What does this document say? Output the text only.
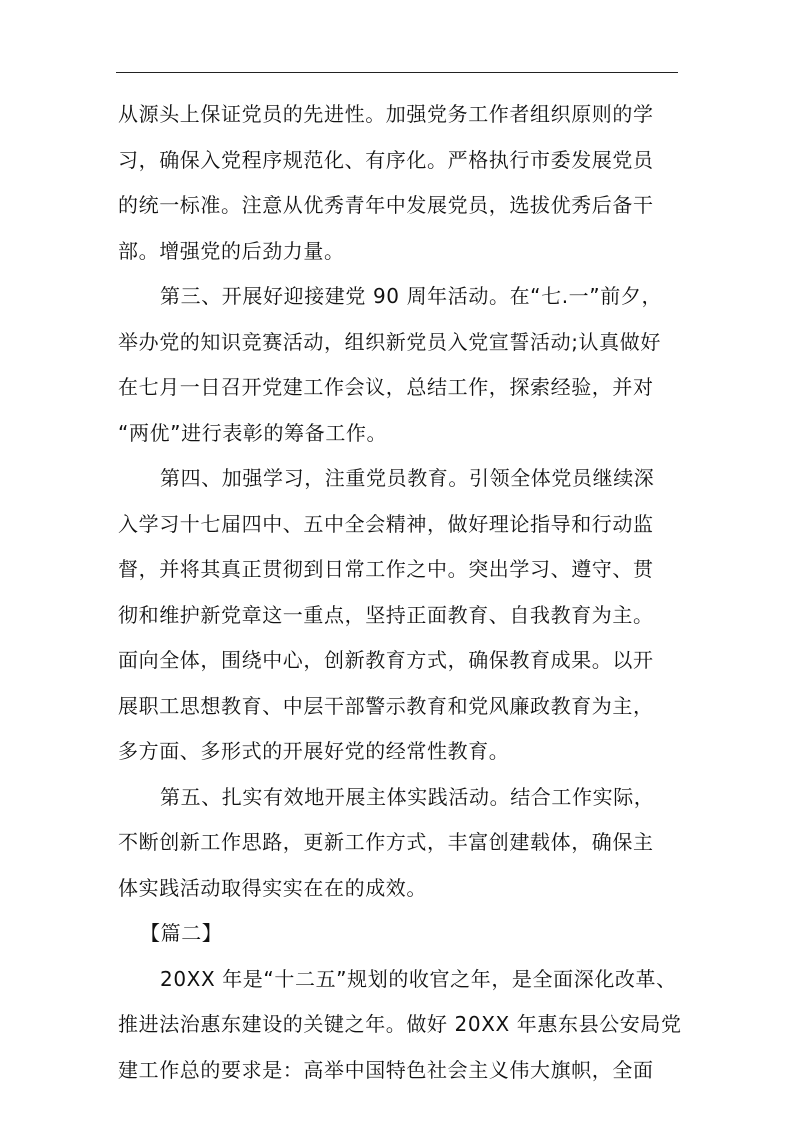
从源头上保证党员的先进性。加强党务工作者组织原则的学
习，确保入党程序规范化、有序化。严格执行市委发展党员
的统一标准。注意从优秀青年中发展党员，选拔优秀后备干
部。增强党的后劲力量。
第三、开展好迎接建党 90 周年活动。在“七.一”前夕，
举办党的知识竞赛活动，组织新党员入党宣誓活动;认真做好
在七月一日召开党建工作会议，总结工作，探索经验，并对
“两优”进行表彰的筹备工作。
第四、加强学习，注重党员教育。引领全体党员继续深
入学习十七届四中、五中全会精神，做好理论指导和行动监
督，并将其真正贯彻到日常工作之中。突出学习、遵守、贯
彻和维护新党章这一重点，坚持正面教育、自我教育为主。
面向全体，围绕中心，创新教育方式，确保教育成果。以开
展职工思想教育、中层干部警示教育和党风廉政教育为主，
多方面、多形式的开展好党的经常性教育。
第五、扎实有效地开展主体实践活动。结合工作实际，
不断创新工作思路，更新工作方式，丰富创建载体，确保主
体实践活动取得实实在在的成效。
【篇二】
20XX 年是“十二五”规划的收官之年，是全面深化改革、
推进法治惠东建设的关键之年。做好 20XX 年惠东县公安局党
建工作总的要求是：高举中国特色社会主义伟大旗帜，全面
